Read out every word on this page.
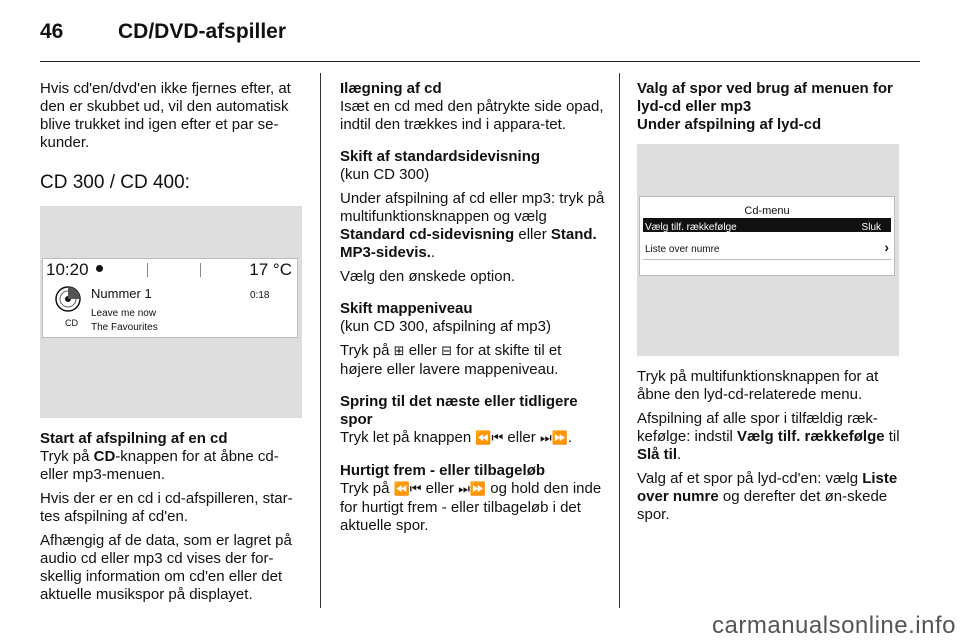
46	CD/DVD-afspiller

Hvis cd'en/dvd'en ikke fjernes efter, at den er skubbet ud, vil den automatisk blive trukket ind igen efter et par se-kunder.

CD 300 / CD 400:
10:20	17 °C
CD
Nummer 1	0:18
Leave me now
The Favourites

Start af afspilning af en cd

Tryk på CD-knappen for at åbne cd- eller mp3-menuen.

Hvis der er en cd i cd-afspilleren, star-tes afspilning af cd'en.

Afhængig af de data, som er lagret på audio cd eller mp3 cd vises der for-skellig information om cd'en eller det aktuelle musikspor på displayet.

Ilægning af cd

Isæt en cd med den påtrykte side opad, indtil den trækkes ind i appara-tet.

Skift af standardsidevisning

(kun CD 300)

Under afspilning af cd eller mp3: tryk på multifunktionsknappen og vælg Standard cd-sidevisning eller Stand. MP3-sidevis..

Vælg den ønskede option.

Skift mappeniveau

(kun CD 300, afspilning af mp3)

Tryk på ⊞ eller ⊟ for at skifte til et højere eller lavere mappeniveau.

Spring til det næste eller tidligere spor

Tryk let på knappen ⏪⏮ eller ⏭⏩.

Hurtigt frem - eller tilbageløb

Tryk på ⏪⏮ eller ⏭⏩ og hold den inde for hurtigt frem - eller tilbageløb i det aktuelle spor.

Valg af spor ved brug af menuen for lyd-cd eller mp3

Under afspilning af lyd-cd

Cd-menu
Vælg tilf. rækkefølge	Sluk
Liste over numre	›

Tryk på multifunktionsknappen for at åbne den lyd-cd-relaterede menu.

Afspilning af alle spor i tilfældig ræk-kefølge: indstil Vælg tilf. rækkefølge til Slå til.

Valg af et spor på lyd-cd'en: vælg Liste over numre og derefter det øn-skede spor.

carmanualsonline.info
